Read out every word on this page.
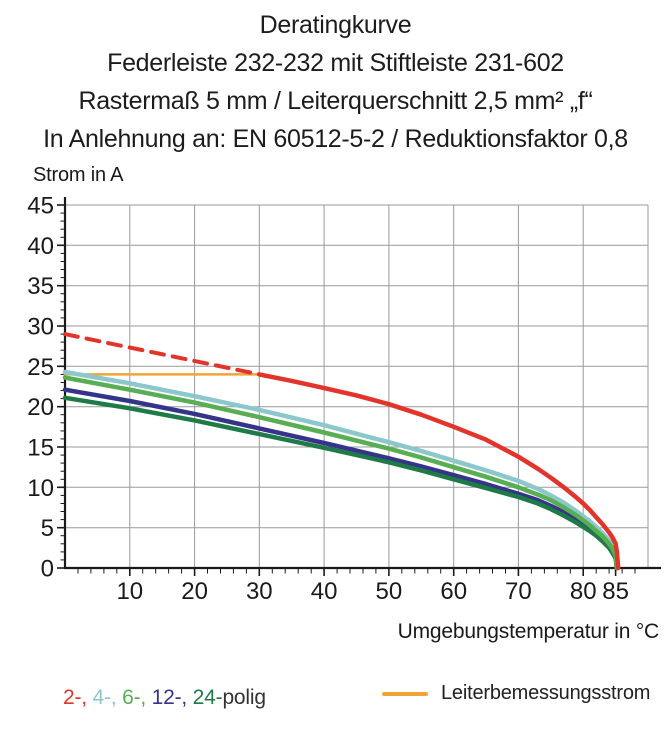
Deratingkurve
Federleiste 232-232 mit Stiftleiste 231-602
Rastermaß 5 mm / Leiterquerschnitt 2,5 mm² „f“
In Anlehnung an: EN 60512-5-2 / Reduktionsfaktor 0,8
Strom in A
10 20 30 40 50 60 70 80 85
0
5
10
15
20
25
30
35
40
45
Umgebungstemperatur in °C
2-, 4-, 6-, 12-, 24-polig	Leiterbemessungsstrom
